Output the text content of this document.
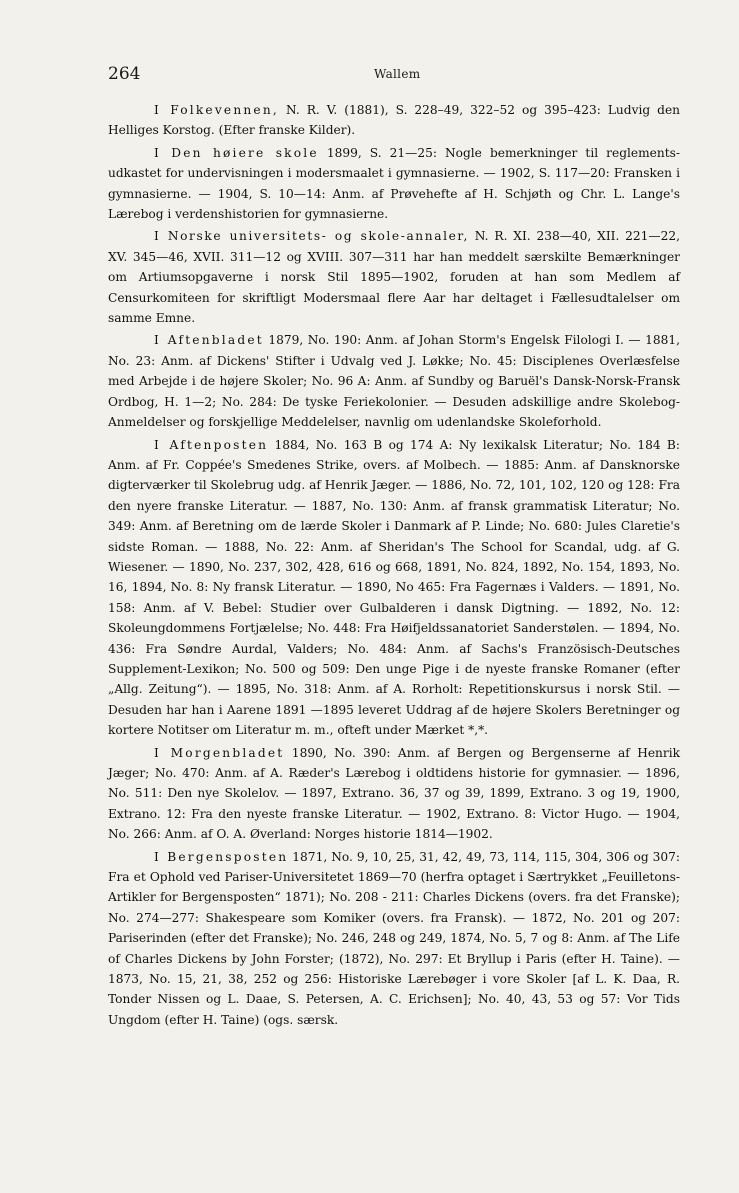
264	Wallem

I Folkevennen, N. R. V. (1881), S. 228–49, 322–52 og 395–423: Ludvig den Helliges Korstog. (Efter franske Kilder).

I Den høiere skole 1899, S. 21—25: Nogle bemerkninger til reglements-udkastet for undervisningen i modersmaalet i gymnasierne. — 1902, S. 117—20: Fransken i gymnasierne. — 1904, S. 10—14: Anm. af Prøvehefte af H. Schjøth og Chr. L. Lange's Lærebog i verdenshistorien for gymnasierne.

I Norske universitets- og skole-annaler, N. R. XI. 238—40, XII. 221—22, XV. 345—46, XVII. 311—12 og XVIII. 307—311 har han meddelt særskilte Bemærkninger om Artiumsopgaverne i norsk Stil 1895—1902, foruden at han som Medlem af Censurkomiteen for skriftligt Modersmaal flere Aar har deltaget i Fællesudtalelser om samme Emne.

I Aftenbladet 1879, No. 190: Anm. af Johan Storm's Engelsk Filologi I. — 1881, No. 23: Anm. af Dickens' Stifter i Udvalg ved J. Løkke; No. 45: Disciplenes Overlæsfelse med Arbejde i de højere Skoler; No. 96 A: Anm. af Sundby og Baruël's Dansk-Norsk-Fransk Ordbog, H. 1—2; No. 284: De tyske Feriekolonier. — Desuden adskillige andre Skolebog-Anmeldelser og forskjellige Meddelelser, navnlig om udenlandske Skoleforhold.

I Aftenposten 1884, No. 163 B og 174 A: Ny lexikalsk Literatur; No. 184 B: Anm. af Fr. Coppée's Smedenes Strike, overs. af Molbech. — 1885: Anm. af Dansknorske digterværker til Skolebrug udg. af Henrik Jæger. — 1886, No. 72, 101, 102, 120 og 128: Fra den nyere franske Literatur. — 1887, No. 130: Anm. af fransk grammatisk Literatur; No. 349: Anm. af Beretning om de lærde Skoler i Danmark af P. Linde; No. 680: Jules Claretie's sidste Roman. — 1888, No. 22: Anm. af Sheridan's The School for Scandal, udg. af G. Wiesener. — 1890, No. 237, 302, 428, 616 og 668, 1891, No. 824, 1892, No. 154, 1893, No. 16, 1894, No. 8: Ny fransk Literatur. — 1890, No 465: Fra Fagernæs i Valders. — 1891, No. 158: Anm. af V. Bebel: Studier over Gulbalderen i dansk Digtning. — 1892, No. 12: Skoleungdommens Fortjælelse; No. 448: Fra Høifjeldssanatoriet Sanderstølen. — 1894, No. 436: Fra Søndre Aurdal, Valders; No. 484: Anm. af Sachs's Französisch-Deutsches Supplement-Lexikon; No. 500 og 509: Den unge Pige i de nyeste franske Romaner (efter „Allg. Zeitung“). — 1895, No. 318: Anm. af A. Rorholt: Repetitionskursus i norsk Stil. — Desuden har han i Aarene 1891 —1895 leveret Uddrag af de højere Skolers Beretninger og kortere Notitser om Literatur m. m., ofteft under Mærket *,*.

I Morgenbladet 1890, No. 390: Anm. af Bergen og Bergenserne af Henrik Jæger; No. 470: Anm. af A. Ræder's Lærebog i oldtidens historie for gymnasier. — 1896, No. 511: Den nye Skolelov. — 1897, Extrano. 36, 37 og 39, 1899, Extrano. 3 og 19, 1900, Extrano. 12: Fra den nyeste franske Literatur. — 1902, Extrano. 8: Victor Hugo. — 1904, No. 266: Anm. af O. A. Øverland: Norges historie 1814—1902.

I Bergensposten 1871, No. 9, 10, 25, 31, 42, 49, 73, 114, 115, 304, 306 og 307: Fra et Ophold ved Pariser-Universitetet 1869—70 (herfra optaget i Særtrykket „Feuilletons-Artikler for Bergensposten“ 1871); No. 208 - 211: Charles Dickens (overs. fra det Franske); No. 274—277: Shakespeare som Komiker (overs. fra Fransk). — 1872, No. 201 og 207: Pariserinden (efter det Franske); No. 246, 248 og 249, 1874, No. 5, 7 og 8: Anm. af The Life of Charles Dickens by John Forster; (1872), No. 297: Et Bryllup i Paris (efter H. Taine). — 1873, No. 15, 21, 38, 252 og 256: Historiske Lærebøger i vore Skoler [af L. K. Daa, R. Tonder Nissen og L. Daae, S. Petersen, A. C. Erichsen]; No. 40, 43, 53 og 57: Vor Tids Ungdom (efter H. Taine) (ogs. særsk.
